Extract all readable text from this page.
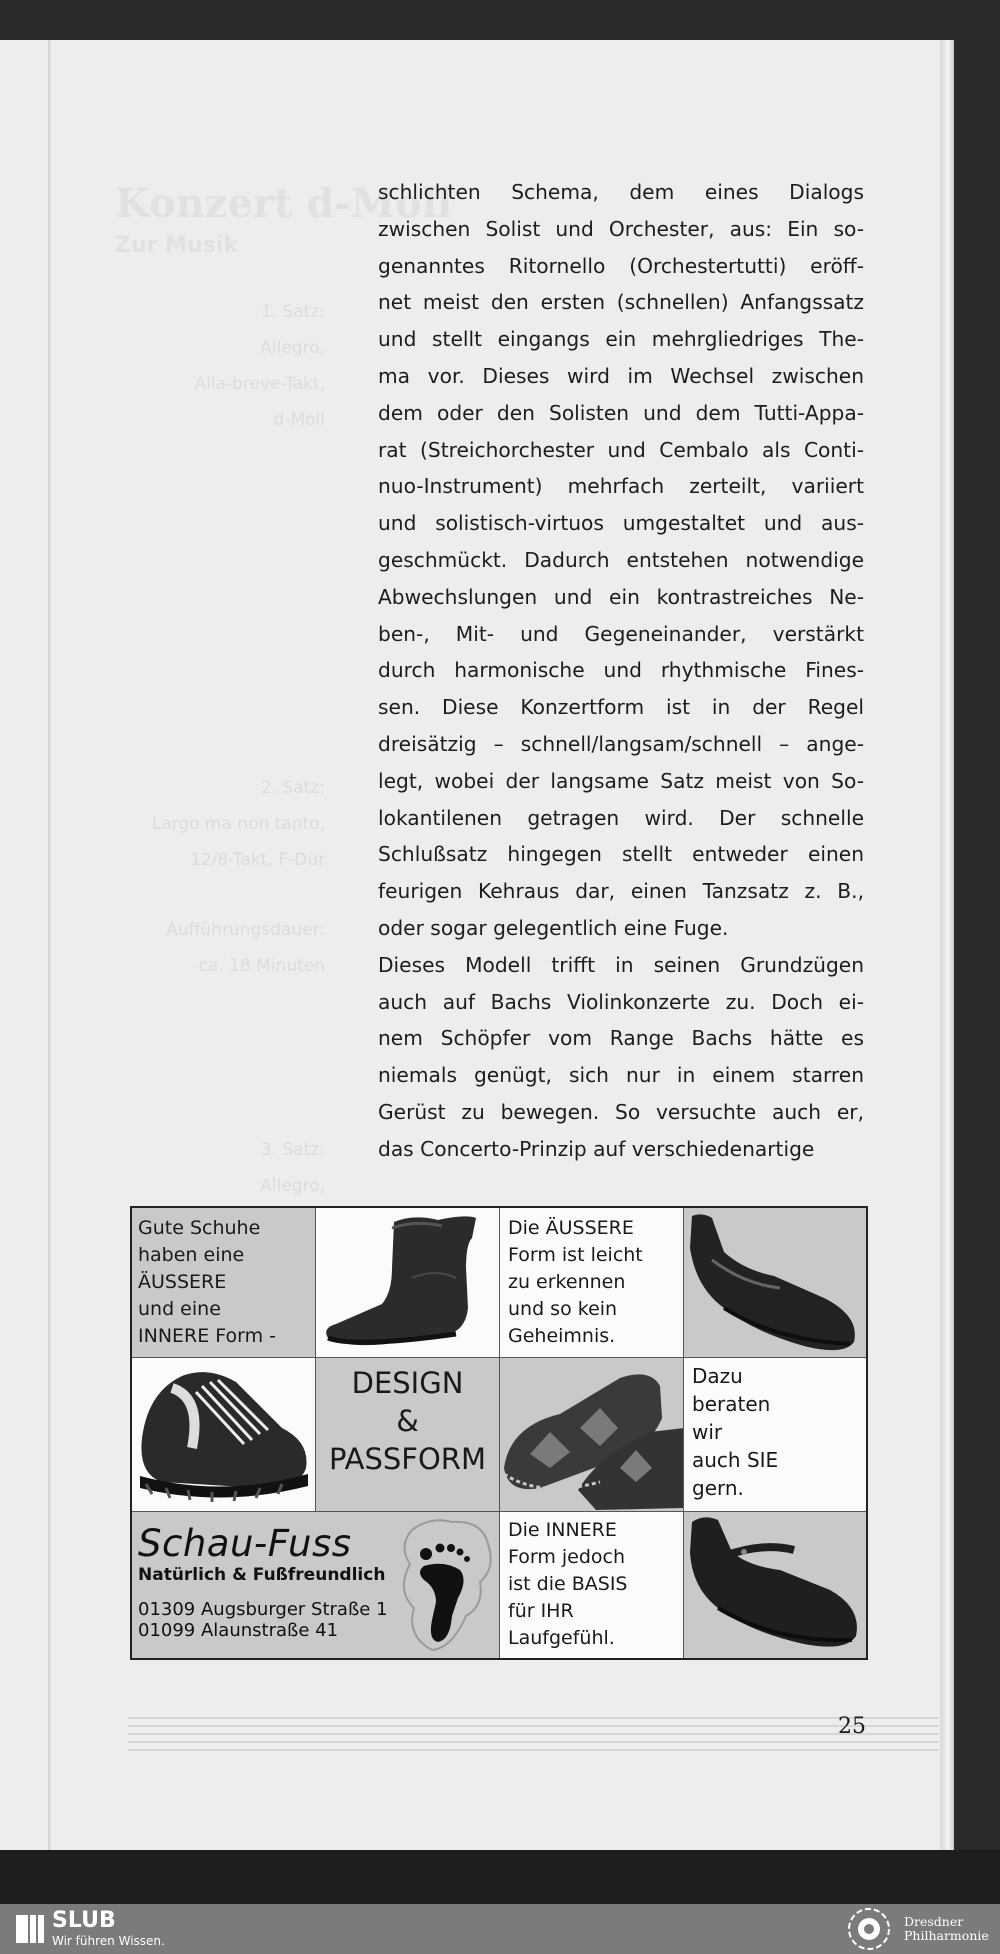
Konzert d-Moll
Zur Musik
1. Satz:
Allegro,
Alla-breve-Takt,
d-Moll
2. Satz:
Largo ma non tanto,
12/8-Takt, F-Dur
Aufführungsdauer:
ca. 18 Minuten
3. Satz:
Allegro,
schlichten Schema, dem eines Dialogs
zwischen Solist und Orchester, aus: Ein so-
genanntes Ritornello (Orchestertutti) eröff-
net meist den ersten (schnellen) Anfangssatz
und stellt eingangs ein mehrgliedriges The-
ma vor. Dieses wird im Wechsel zwischen
dem oder den Solisten und dem Tutti-Appa-
rat (Streichorchester und Cembalo als Conti-
nuo-Instrument) mehrfach zerteilt, variiert
und solistisch-virtuos umgestaltet und aus-
geschmückt. Dadurch entstehen notwendige
Abwechslungen und ein kontrastreiches Ne-
ben-, Mit- und Gegeneinander, verstärkt
durch harmonische und rhythmische Fines-
sen. Diese Konzertform ist in der Regel
dreisätzig – schnell/langsam/schnell – ange-
legt, wobei der langsame Satz meist von So-
lokantilenen getragen wird. Der schnelle
Schlußsatz hingegen stellt entweder einen
feurigen Kehraus dar, einen Tanzsatz z. B.,
oder sogar gelegentlich eine Fuge.
Dieses Modell trifft in seinen Grundzügen
auch auf Bachs Violinkonzerte zu. Doch ei-
nem Schöpfer vom Range Bachs hätte es
niemals genügt, sich nur in einem starren
Gerüst zu bewegen. So versuchte auch er,
das Concerto-Prinzip auf verschiedenartige

Gute Schuhe
haben eine
ÄUSSERE
und eine
INNERE Form -

Die ÄUSSERE
Form ist leicht
zu erkennen
und so kein
Geheimnis.

DESIGN
&
PASSFORM

Dazu
beraten
wir
auch SIE
gern.

Schau-Fuss

Natürlich & Fußfreundlich

01309 Augsburger Straße 1

01099 Alaunstraße 41

Die INNERE
Form jedoch
ist die BASIS
für IHR
Laufgefühl.

25

SLUB

Wir führen Wissen.

Dresdner
Philharmonie
